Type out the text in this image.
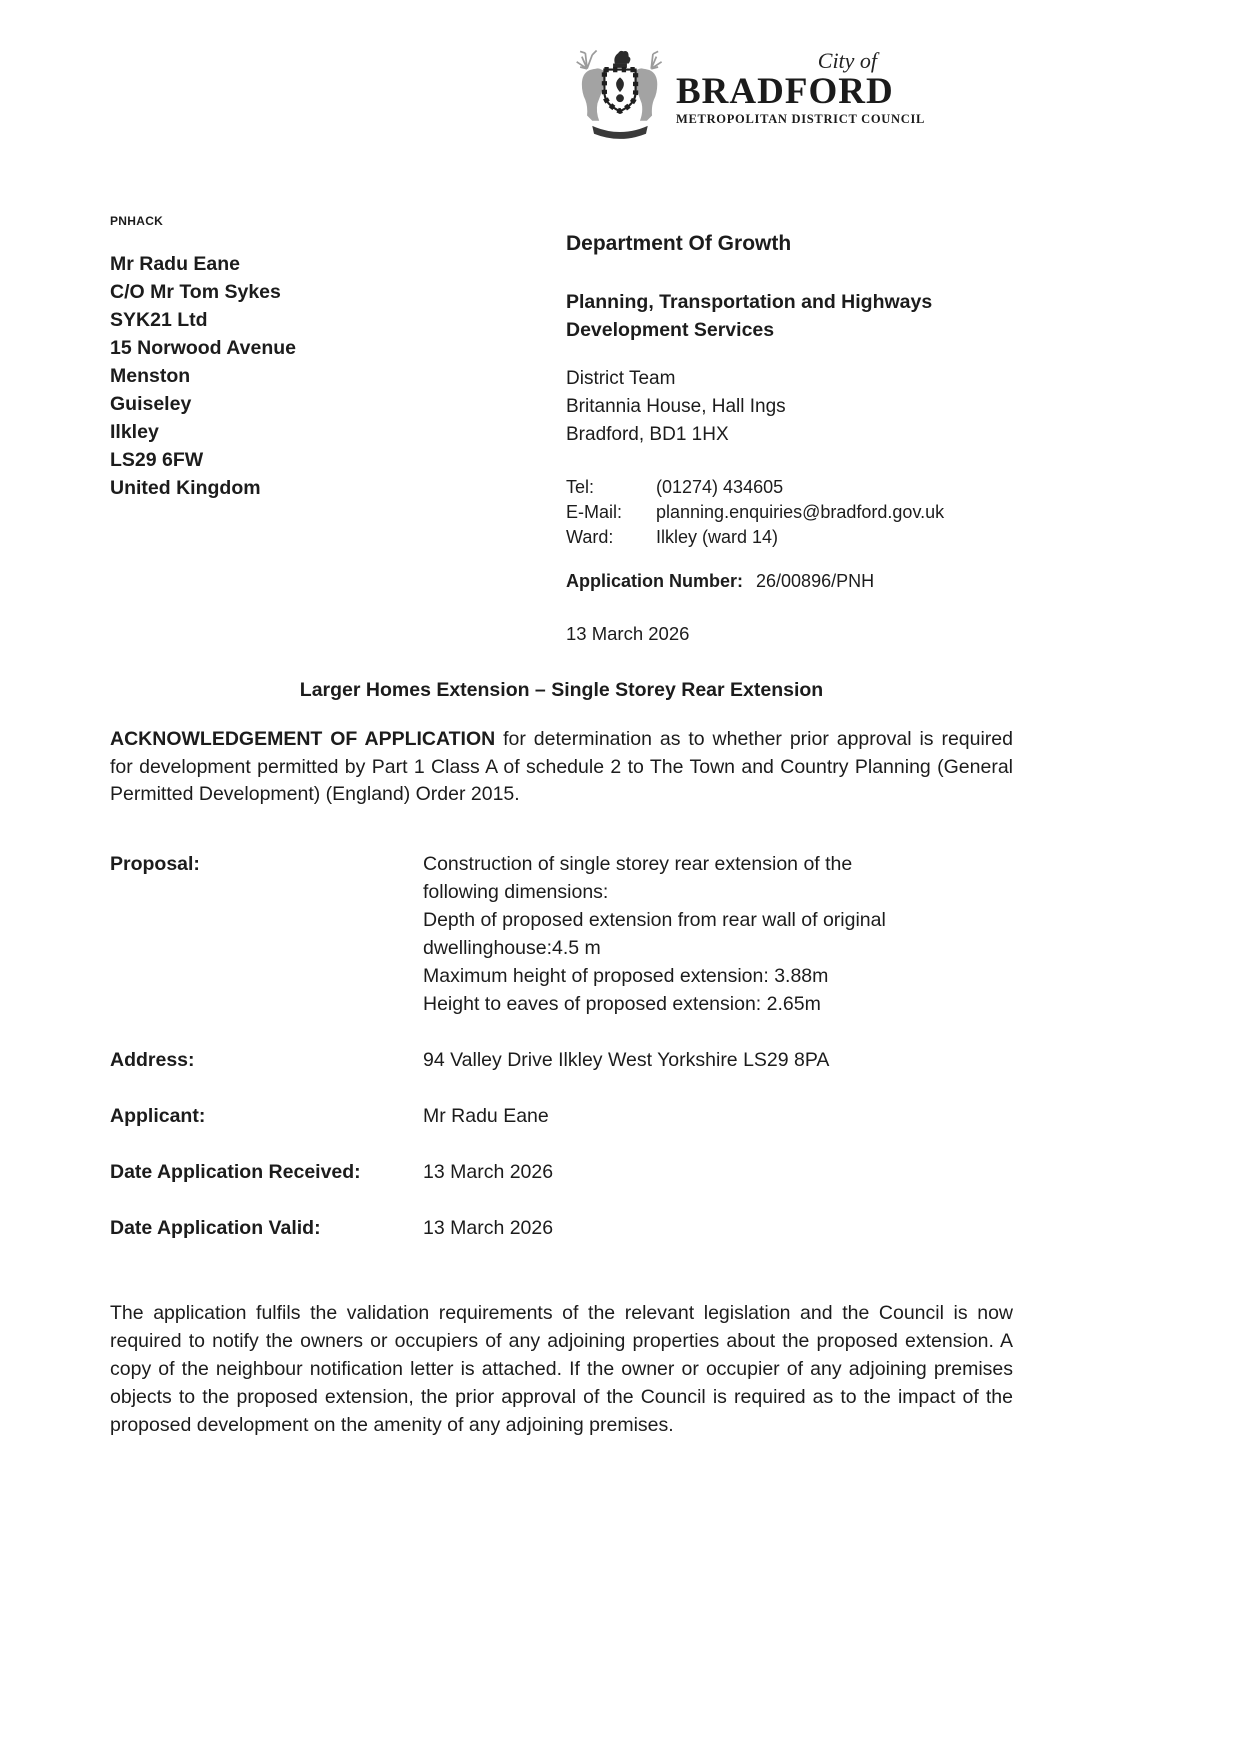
City of
BRADFORD
METROPOLITAN DISTRICT COUNCIL
PNHACK
Mr Radu Eane
C/O Mr Tom Sykes
SYK21 Ltd
15 Norwood Avenue
Menston
Guiseley
Ilkley
LS29 6FW
United Kingdom
Department Of Growth
Planning, Transportation and Highways Development Services
District Team
Britannia House, Hall Ings
Bradford, BD1 1HX
Tel:	(01274) 434605
E-Mail:	planning.enquiries@bradford.gov.uk
Ward:	Ilkley (ward 14)
Application Number: 26/00896/PNH
13 March 2026
Larger Homes Extension – Single Storey Rear Extension

ACKNOWLEDGEMENT OF APPLICATION for determination as to whether prior approval is required for development permitted by Part 1 Class A of schedule 2 to The Town and Country Planning (General Permitted Development) (England) Order 2015.

Proposal:	Construction of single storey rear extension of the
following dimensions:
Depth of proposed extension from rear wall of original
dwellinghouse:4.5 m
Maximum height of proposed extension: 3.88m
Height to eaves of proposed extension: 2.65m
Address:	94 Valley Drive Ilkley West Yorkshire LS29 8PA
Applicant:	Mr Radu Eane
Date Application Received:	13 March 2026
Date Application Valid:	13 March 2026

The application fulfils the validation requirements of the relevant legislation and the Council is now required to notify the owners or occupiers of any adjoining properties about the proposed extension. A copy of the neighbour notification letter is attached. If the owner or occupier of any adjoining premises objects to the proposed extension, the prior approval of the Council is required as to the impact of the proposed development on the amenity of any adjoining premises.
